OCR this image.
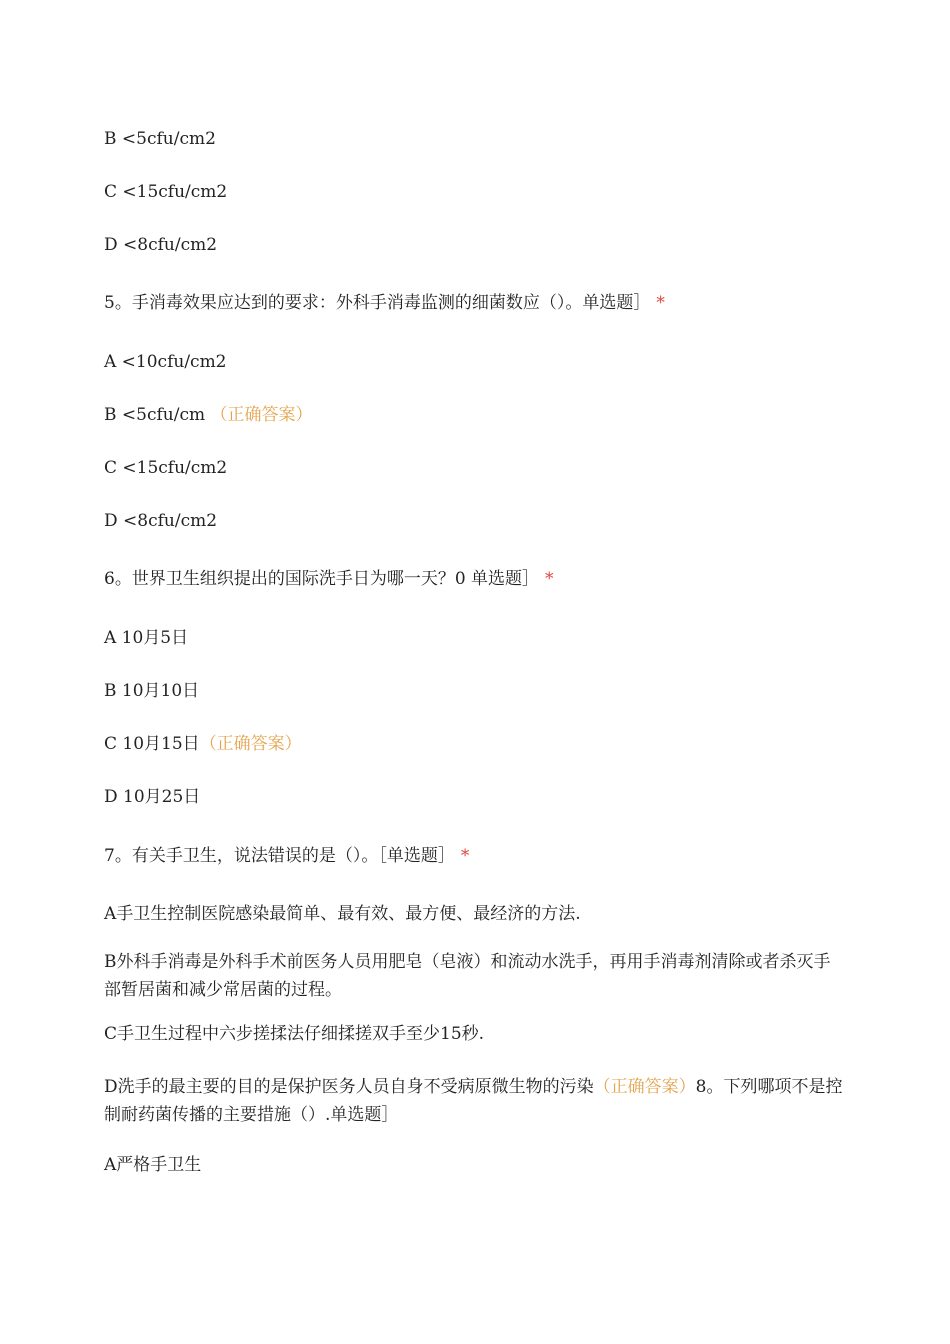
B <5cfu/cm2

C <15cfu/cm2

D <8cfu/cm2

5。手消毒效果应达到的要求：外科手消毒监测的细菌数应（）。单选题］ *

A <10cfu/cm2

B <5cfu/cm （正确答案）

C <15cfu/cm2

D <8cfu/cm2

6。世界卫生组织提出的国际洗手日为哪一天？0 单选题］ *

A 10月5日

B 10月10日

C 10月15日（正确答案）

D 10月25日

7。有关手卫生，说法错误的是（）。［单选题］ *

A手卫生控制医院感染最简单、最有效、最方便、最经济的方法.

B外科手消毒是外科手术前医务人员用肥皂（皂液）和流动水洗手，再用手消毒剂清除或者杀灭手部暂居菌和减少常居菌的过程。

C手卫生过程中六步搓揉法仔细揉搓双手至少15秒.

D洗手的最主要的目的是保护医务人员自身不受病原微生物的污染（正确答案）8。下列哪项不是控制耐药菌传播的主要措施（）.单选题］

A严格手卫生
